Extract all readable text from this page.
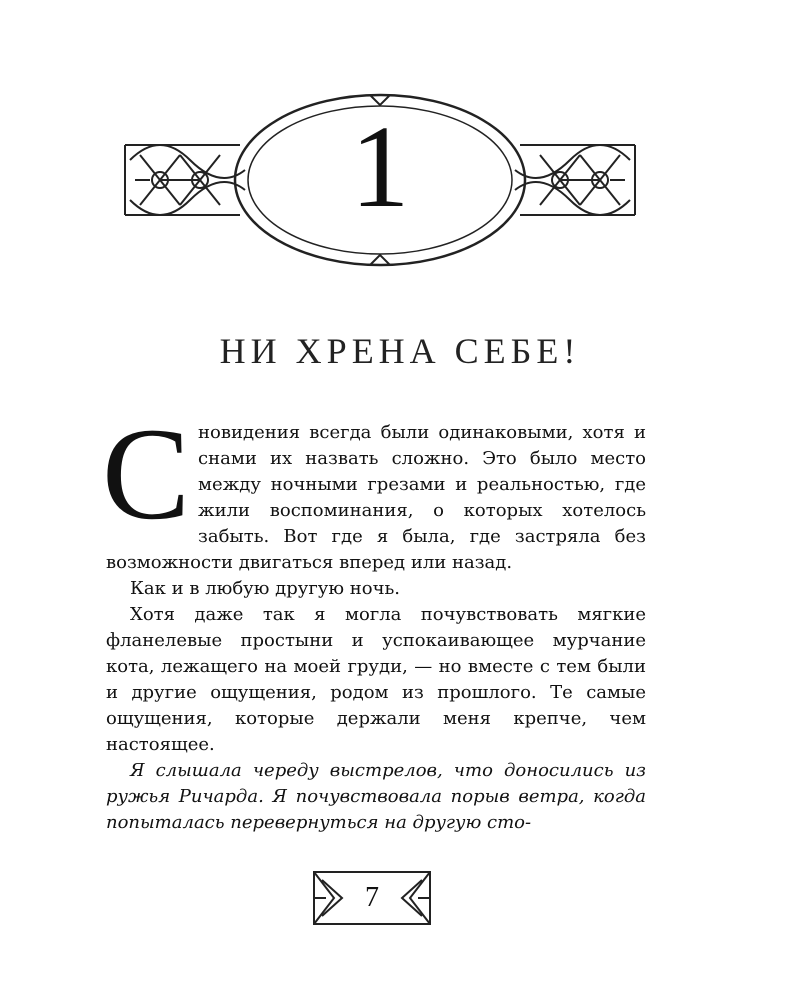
1
НИ ХРЕНА СЕБЕ!

Сновидения всегда были одинаковыми, хотя и снами их назвать сложно. Это было место между ночными грезами и реальностью, где жили воспоминания, о которых хотелось забыть. Вот где я была, где застряла без возможности двигаться вперед или назад.

Как и в любую другую ночь.

Хотя даже так я могла почувствовать мягкие фланелевые простыни и успокаивающее мурчание кота, лежащего на моей груди, — но вместе с тем были и другие ощущения, родом из прошлого. Те самые ощущения, которые держали меня крепче, чем настоящее.

Я слышала череду выстрелов, что доносились из ружья Ричарда. Я почувствовала порыв ветра, когда попыталась перевернуться на другую сто-

7
